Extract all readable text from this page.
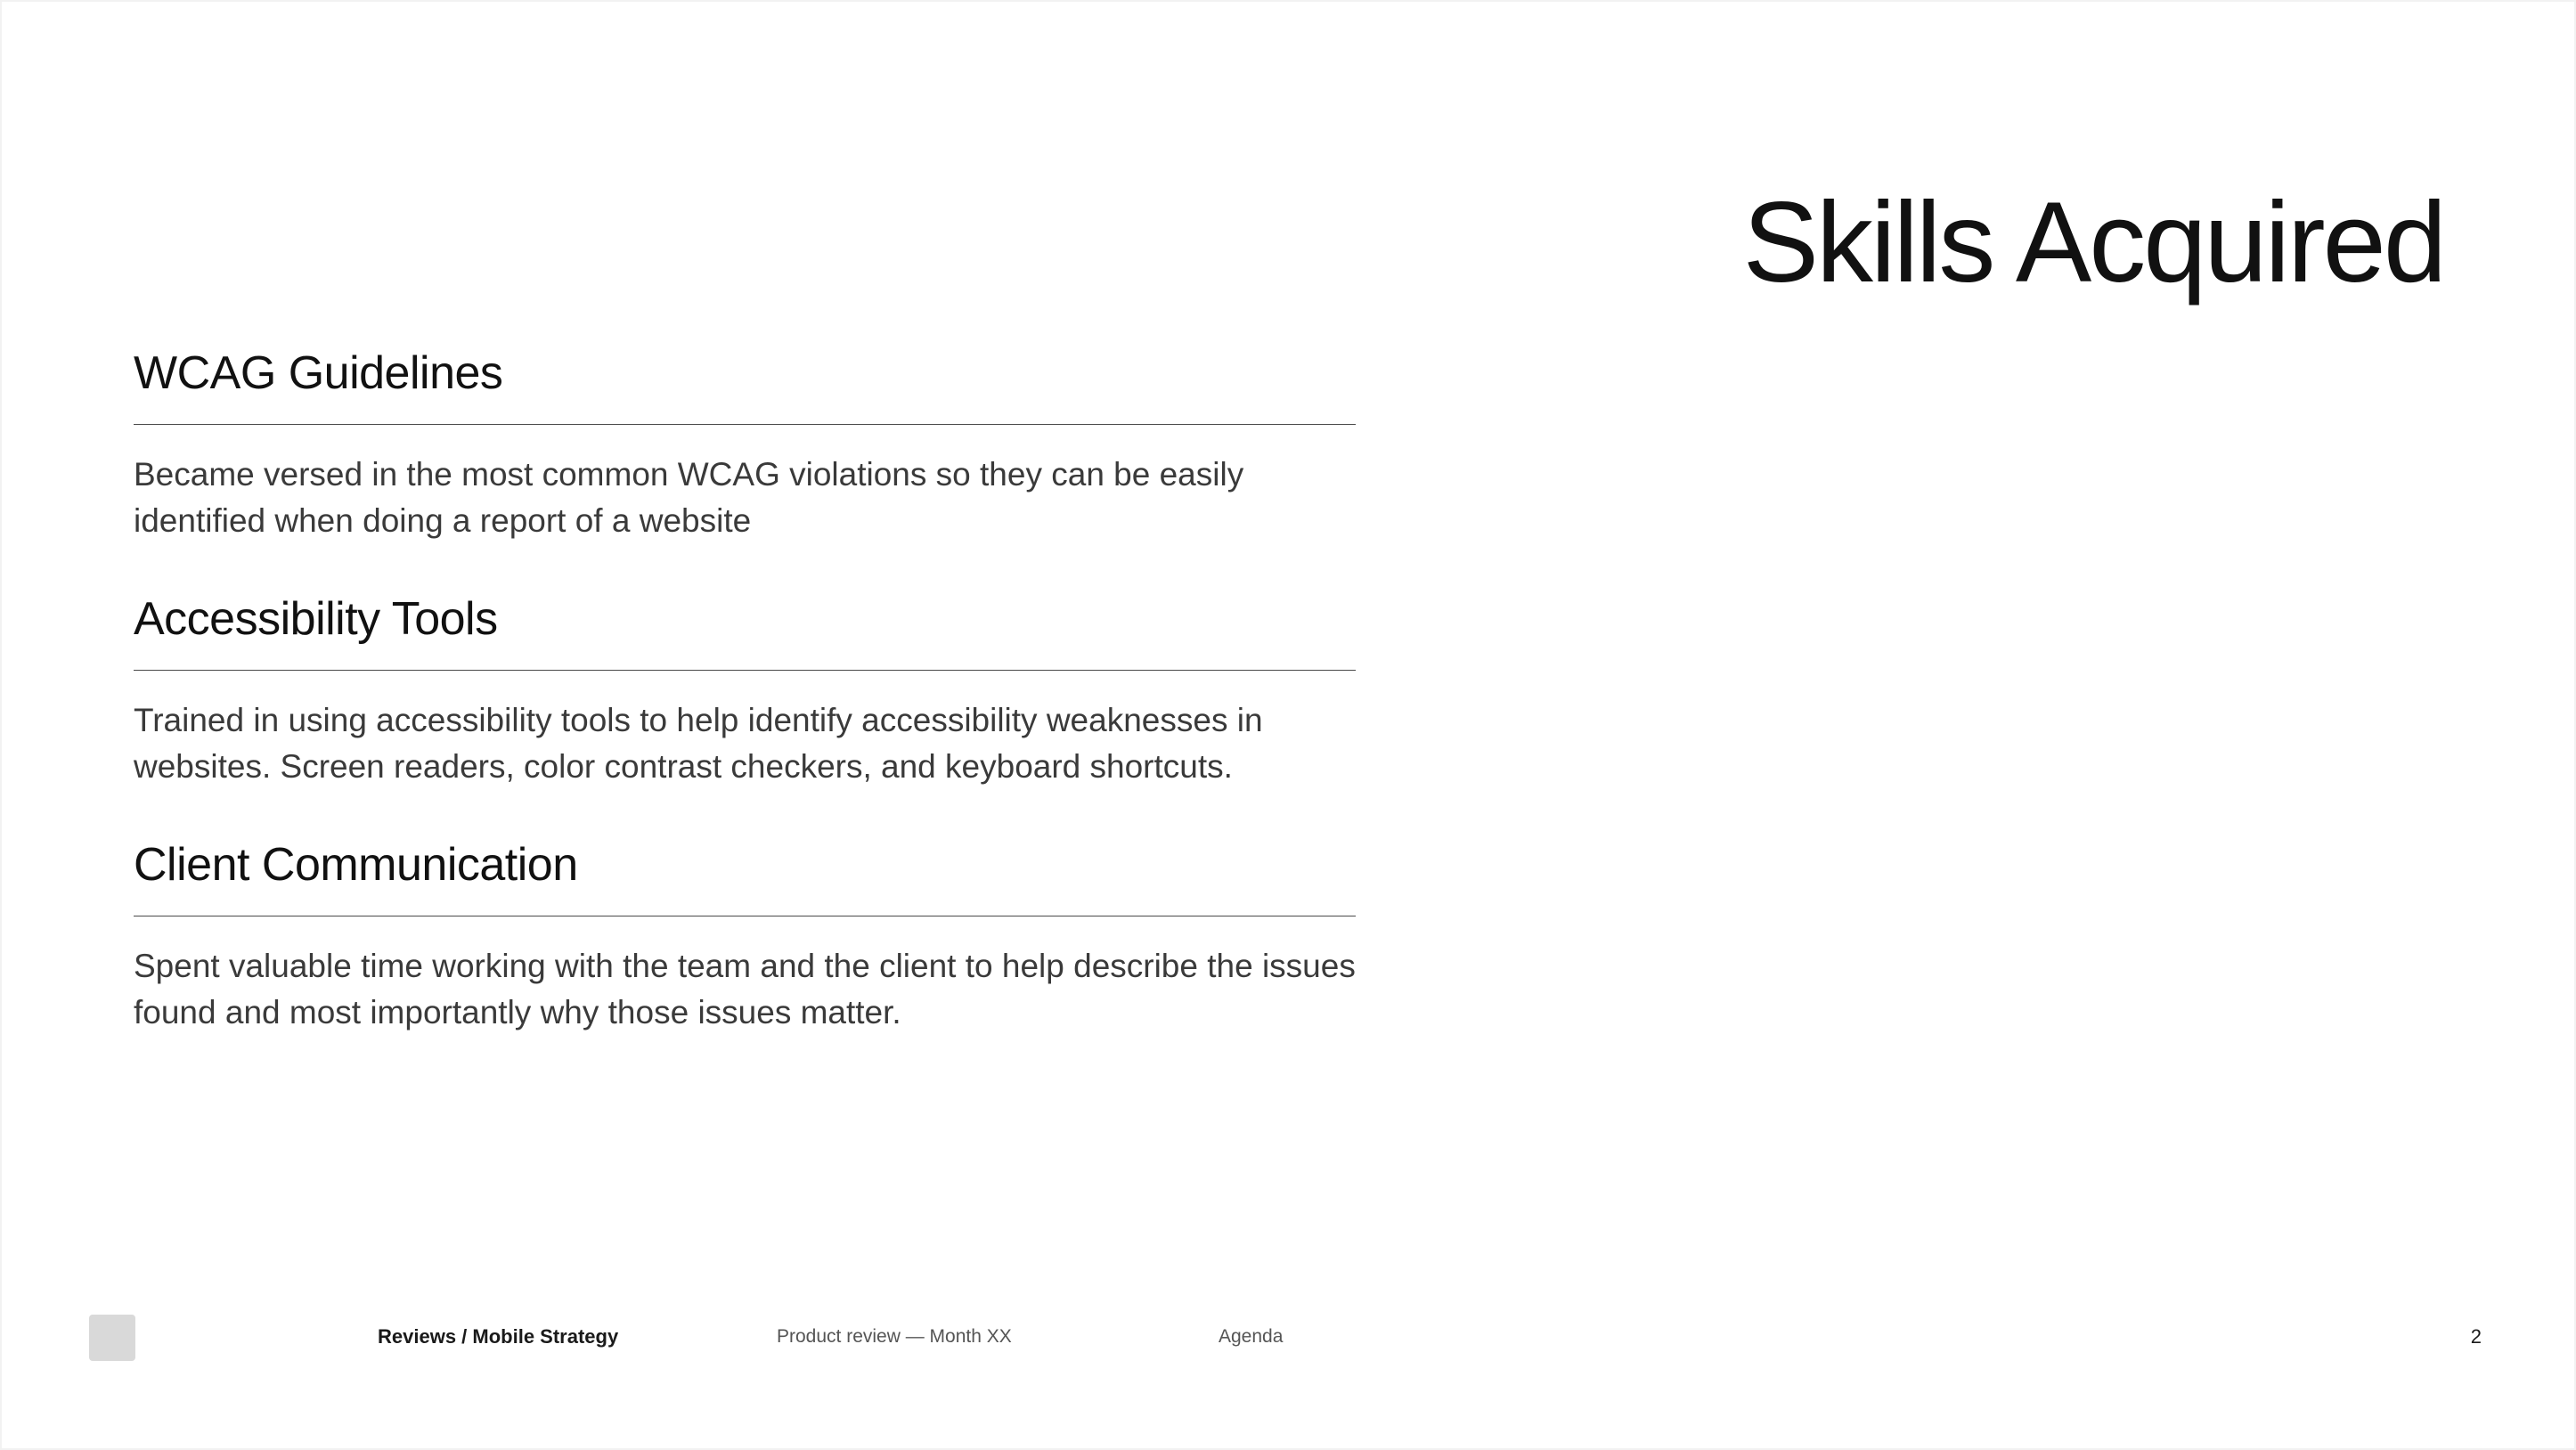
Skills Acquired
WCAG Guidelines

Became versed in the most common WCAG violations so they can be easily identified when doing a report of a website

Accessibility Tools

Trained in using accessibility tools to help identify accessibility weaknesses in websites. Screen readers, color contrast checkers, and keyboard shortcuts.

Client Communication

Spent valuable time working with the team and the client to help describe the issues found and most importantly why those issues matter.

Reviews / Mobile Strategy	Product review — Month XX	Agenda	2
